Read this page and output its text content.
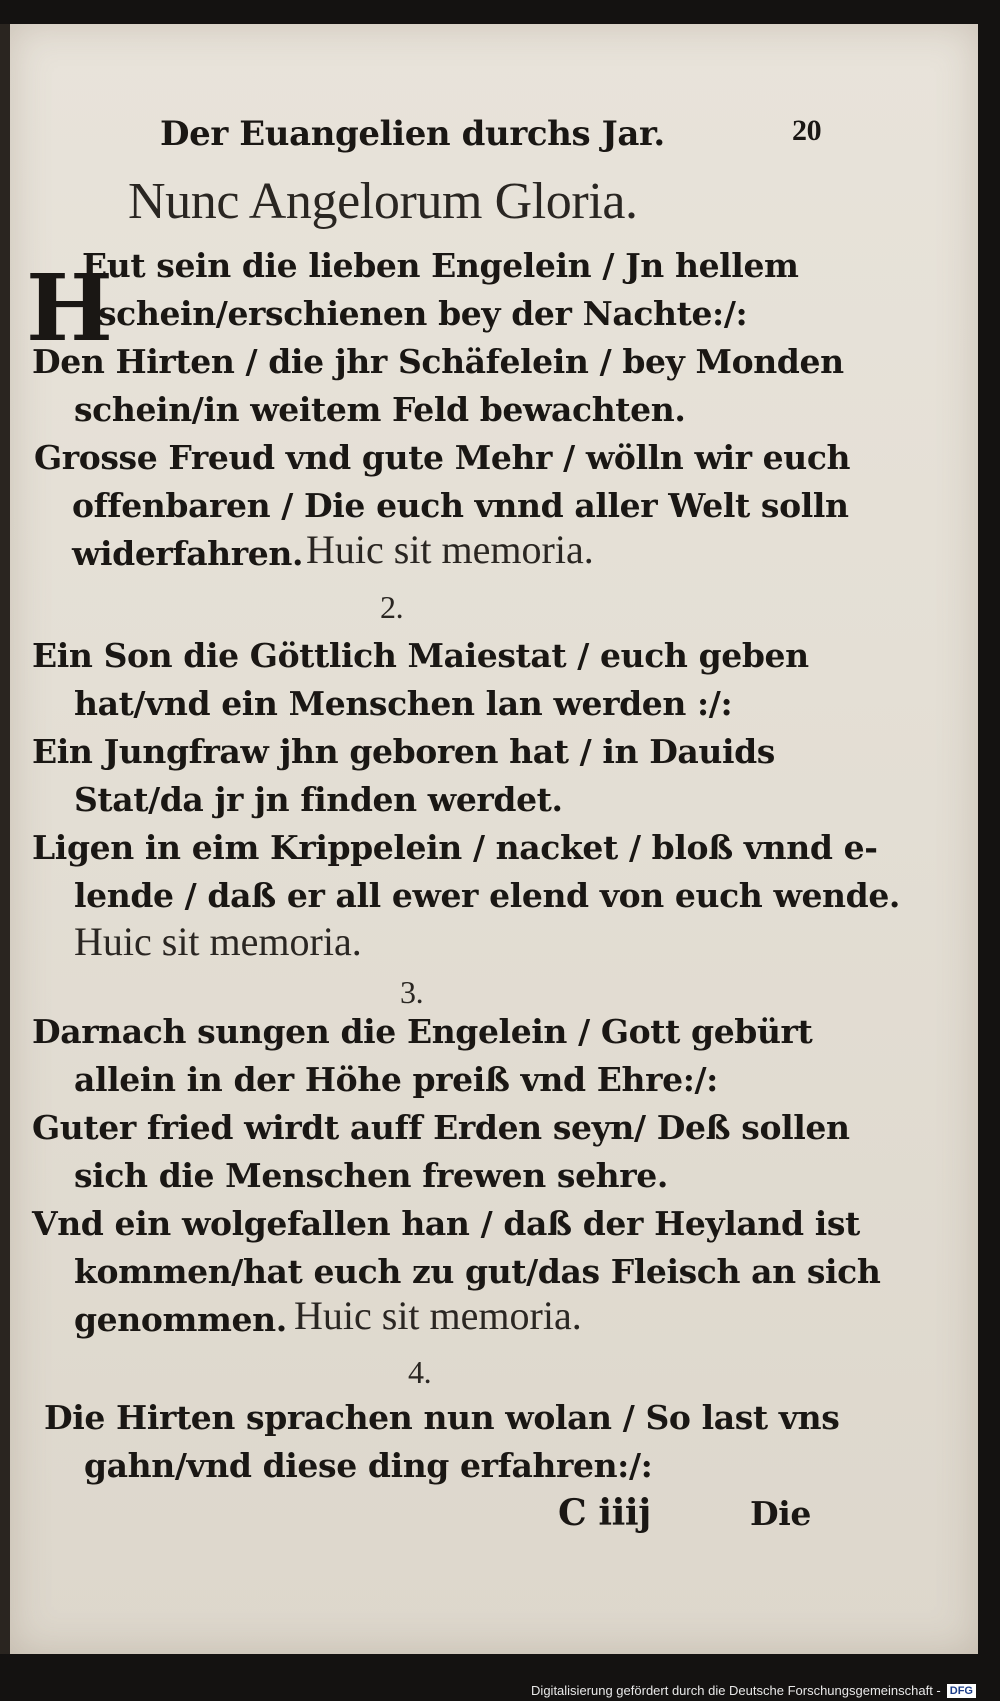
Der Euangelien durchs Jar.	20
Nunc Angelorum Gloria.
H
Eut sein die lieben Engelein / Jn hellem
schein/erschienen bey der Nachte:/:
Den Hirten / die jhr Schäfelein / bey Monden
schein/in weitem Feld bewachten.
Grosse Freud vnd gute Mehr / wölln wir euch
offenbaren / Die euch vnnd aller Welt solln
widerfahren. Huic sit memoria.
2.
Ein Son die Göttlich Maiestat / euch geben
hat/vnd ein Menschen lan werden :/:
Ein Jungfraw jhn geboren hat / in Dauids
Stat/da jr jn finden werdet.
Ligen in eim Krippelein / nacket / bloß vnnd e-
lende / daß er all ewer elend von euch wende.
Huic sit memoria.
3.
Darnach sungen die Engelein / Gott gebürt
allein in der Höhe preiß vnd Ehre:/:
Guter fried wirdt auff Erden seyn/ Deß sollen
sich die Menschen frewen sehre.
Vnd ein wolgefallen han / daß der Heyland ist
kommen/hat euch zu gut/das Fleisch an sich
genommen. Huic sit memoria.
4.
Die Hirten sprachen nun wolan / So last vns
gahn/vnd diese ding erfahren:/:
C iiij	Die
Digitalisierung gefördert durch die Deutsche Forschungsgemeinschaft - DFG
